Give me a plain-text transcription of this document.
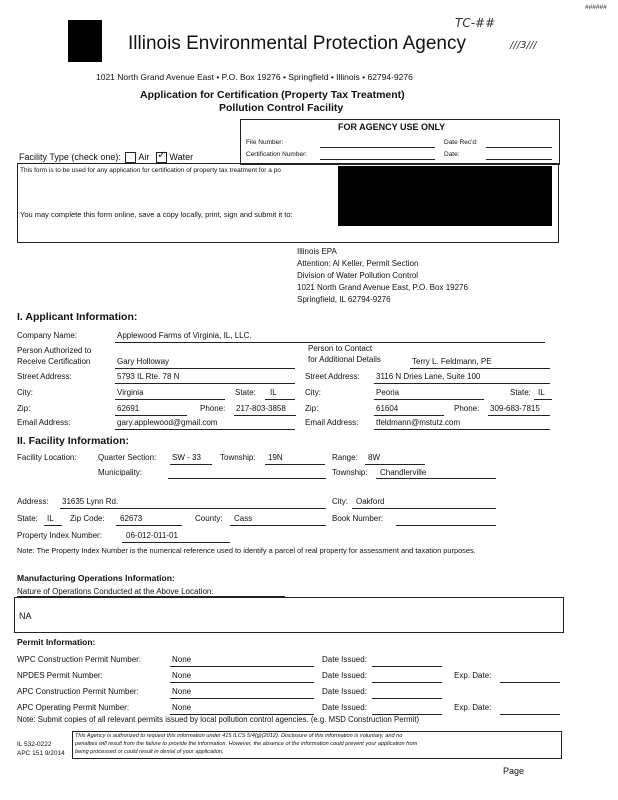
Illinois Environmental Protection Agency
TC-##
///3///
######
1021 North Grand Avenue East • P.O. Box 19276 • Springfield • Illinois • 62794-9276
Application for Certification (Property Tax Treatment)
Pollution Control Facility
FOR AGENCY USE ONLY
File Number:	Date Rec'd:
Certification Number:	Date:
Facility Type (check one): Air  ✓ Water
This form is to be used for any application for certification of property tax treatment for a po
You may complete this form online, save a copy locally, print, sign and submit it to:
Illinois EPA
Attention: Al Keller, Permit Section
Division of Water Pollution Control
1021 North Grand Avenue East, P.O. Box 19276
Springfield, IL 62794-9276
I. Applicant Information:
Company Name:	Applewood Farms of Virginia, IL, LLC.
Person Authorized to
Receive Certification	Gary Holloway
Person to Contact
for Additional Details	Terry L. Feldmann, PE
Street Address:	5793 IL Rte. 78 N	Street Address: 3116 N Dries Lane, Suite 100
City:	Virginia	State: IL	City:	Peoria	State: IL
Zip:	62691	Phone: 217-803-3858 Zip:	61604	Phone: 309-683-7815
Email Address:	gary.applewood@gmail.com	Email Address: tfeldmann@mstutz.com
II. Facility Information:
Facility Location:	Quarter Section: SW - 33 Township: 19N	Range: 8W
Municipality:	Township: Chandlerville
Address: 31635 Lynn Rd.	City: Oakford
State: IL Zip Code: 62673	County: Cass	Book Number:
Property Index Number:	06-012-011-01
Note: The Property Index Number is the numerical reference used to identify a parcel of real property for assessment and taxation purposes.
Manufacturing Operations Information:
Nature of Operations Conducted at the Above Location:
NA
Permit Information:
WPC Construction Permit Number:	None	Date Issued:
NPDES Permit Number:	None	Date Issued:	Exp. Date:
APC Construction Permit Number:	None	Date Issued:
APC Operating Permit Number:	None	Date Issued:	Exp. Date:
Note: Submit copies of all relevant permits issued by local pollution control agencies. (e.g. MSD Construction Permit)
IL 532-0222
APC 151 9/2014
This Agency is authorized to request this information under 415 ILCS 5/4(g)(2012). Disclosure of this information is voluntary, and no
penalties will result from the failure to provide the information. However, the absence of the information could prevent your application from
being processed or could result in denial of your application.
Page
